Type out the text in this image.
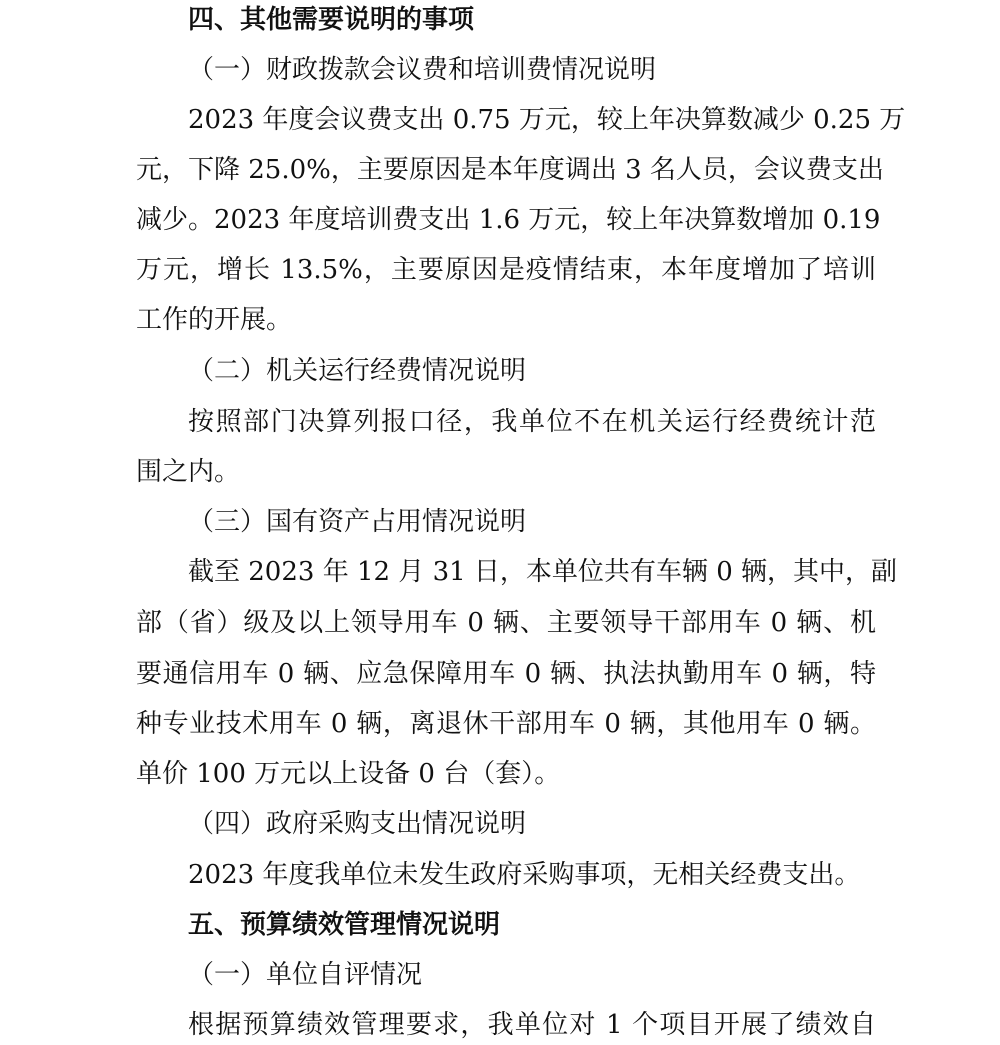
四、其他需要说明的事项

（一）财政拨款会议费和培训费情况说明

2023 年度会议费支出 0.75 万元，较上年决算数减少 0.25 万

元，下降 25.0%，主要原因是本年度调出 3 名人员，会议费支出

减少。2023 年度培训费支出 1.6 万元，较上年决算数增加 0.19

万元，增长 13.5%，主要原因是疫情结束，本年度增加了培训

工作的开展。

（二）机关运行经费情况说明

按照部门决算列报口径，我单位不在机关运行经费统计范

围之内。

（三）国有资产占用情况说明

截至 2023 年 12 月 31 日，本单位共有车辆 0 辆，其中，副

部（省）级及以上领导用车 0 辆、主要领导干部用车 0 辆、机

要通信用车 0 辆、应急保障用车 0 辆、执法执勤用车 0 辆，特

种专业技术用车 0 辆，离退休干部用车 0 辆，其他用车 0 辆。

单价 100 万元以上设备 0 台（套）。

（四）政府采购支出情况说明

2023 年度我单位未发生政府采购事项，无相关经费支出。

五、预算绩效管理情况说明

（一）单位自评情况

根据预算绩效管理要求，我单位对 1 个项目开展了绩效自
